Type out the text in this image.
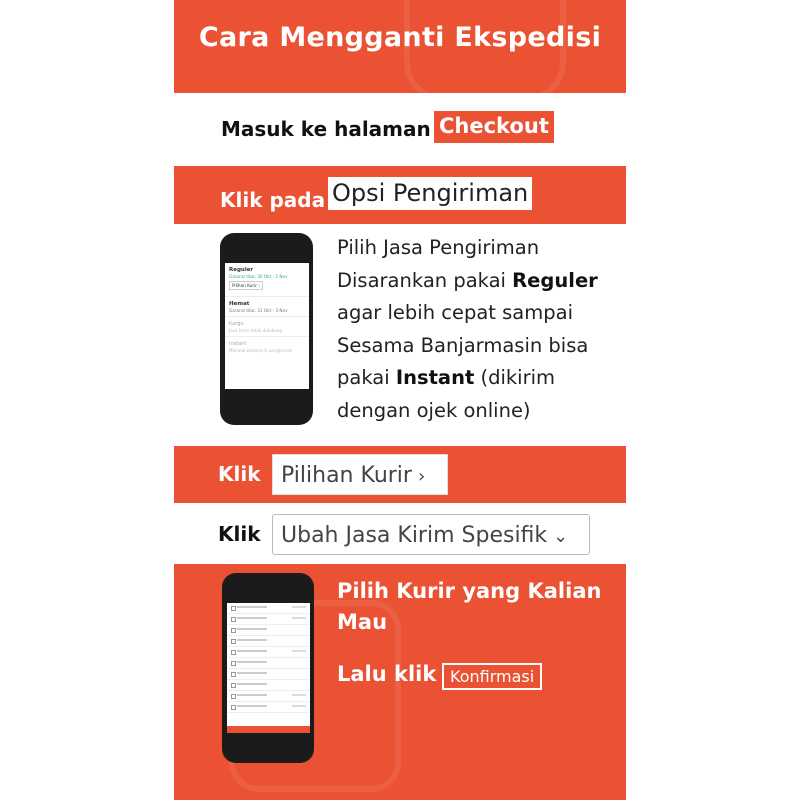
Cara Mengganti Ekspedisi
Masuk ke halaman Checkout
Klik pada Opsi Pengiriman
Reguler
Garansi tiba: 30 Okt - 2 Nov
Pilihan Kurir ›
Hemat
Garansi tiba: 31 Okt - 3 Nov
Kargo
Jasa kirim tidak didukung
Instant
Minimal belanja di pengiriman

Pilih Jasa Pengiriman

Disarankan pakai Reguler agar lebih cepat sampai

Sesama Banjarmasin bisa pakai Instant (dikirim dengan ojek online)

Klik Pilihan Kurir ›
Klik Ubah Jasa Kirim Spesifik ⌄
Pilih Kurir yang Kalian Mau
Lalu klik Konfirmasi
